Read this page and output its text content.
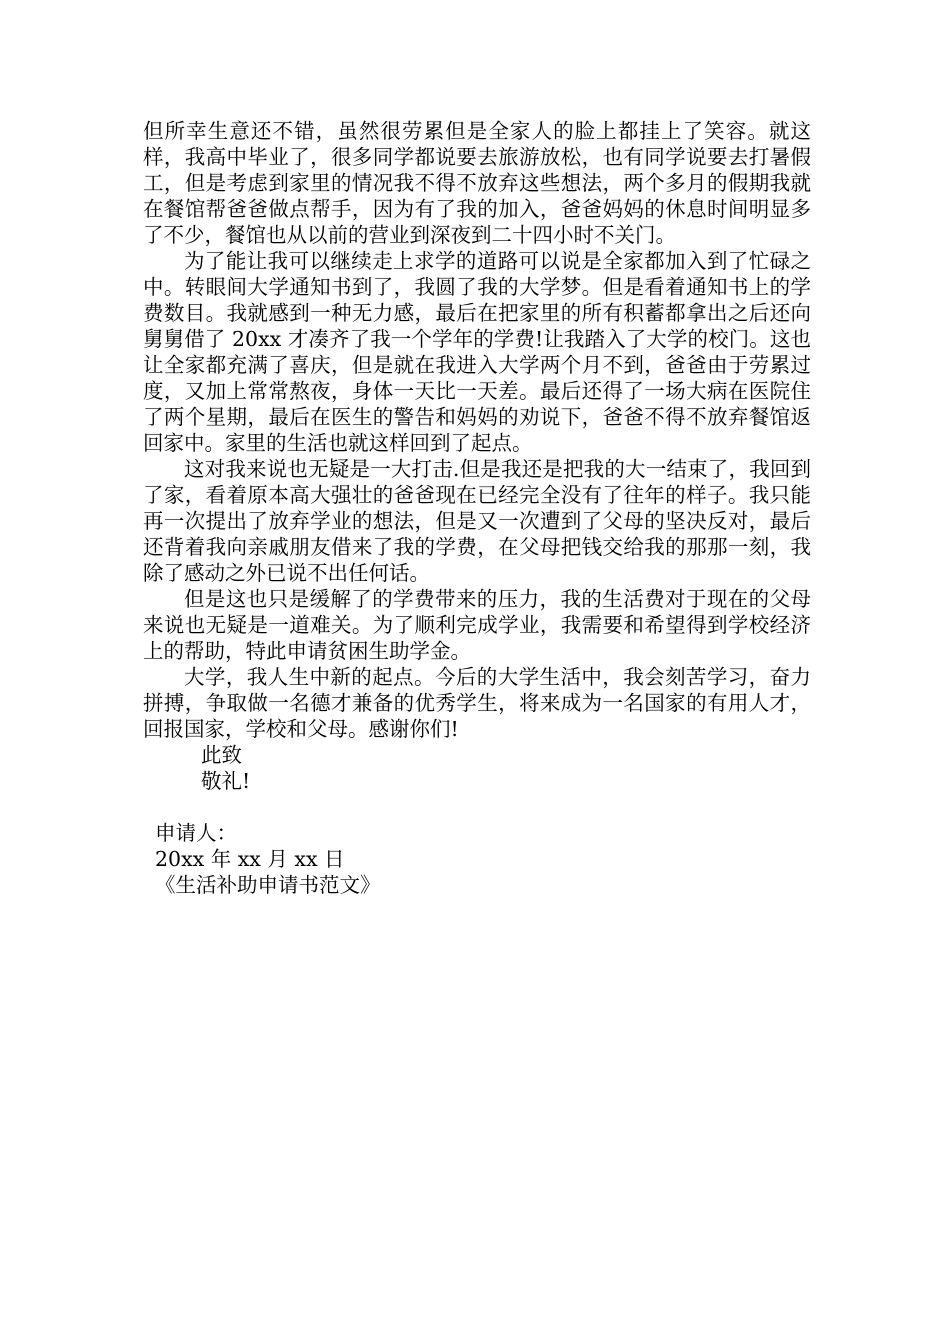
但所幸生意还不错，虽然很劳累但是全家人的脸上都挂上了笑容。就这样，我高中毕业了，很多同学都说要去旅游放松，也有同学说要去打暑假工，但是考虑到家里的情况我不得不放弃这些想法，两个多月的假期我就在餐馆帮爸爸做点帮手，因为有了我的加入，爸爸妈妈的休息时间明显多了不少，餐馆也从以前的营业到深夜到二十四小时不关门。

为了能让我可以继续走上求学的道路可以说是全家都加入到了忙碌之中。转眼间大学通知书到了，我圆了我的大学梦。但是看着通知书上的学费数目。我就感到一种无力感，最后在把家里的所有积蓄都拿出之后还向舅舅借了 20xx 才凑齐了我一个学年的学费!让我踏入了大学的校门。这也让全家都充满了喜庆，但是就在我进入大学两个月不到，爸爸由于劳累过度，又加上常常熬夜，身体一天比一天差。最后还得了一场大病在医院住了两个星期，最后在医生的警告和妈妈的劝说下，爸爸不得不放弃餐馆返回家中。家里的生活也就这样回到了起点。

这对我来说也无疑是一大打击.但是我还是把我的大一结束了，我回到了家，看着原本高大强壮的爸爸现在已经完全没有了往年的样子。我只能再一次提出了放弃学业的想法，但是又一次遭到了父母的坚决反对，最后还背着我向亲戚朋友借来了我的学费，在父母把钱交给我的那那一刻，我除了感动之外已说不出任何话。

但是这也只是缓解了的学费带来的压力，我的生活费对于现在的父母来说也无疑是一道难关。为了顺利完成学业，我需要和希望得到学校经济上的帮助，特此申请贫困生助学金。

大学，我人生中新的起点。今后的大学生活中，我会刻苦学习，奋力拼搏，争取做一名德才兼备的优秀学生，将来成为一名国家的有用人才，回报国家，学校和父母。感谢你们!

此致

敬礼!

申请人：

20xx 年 xx 月 xx 日

《生活补助申请书范文》
